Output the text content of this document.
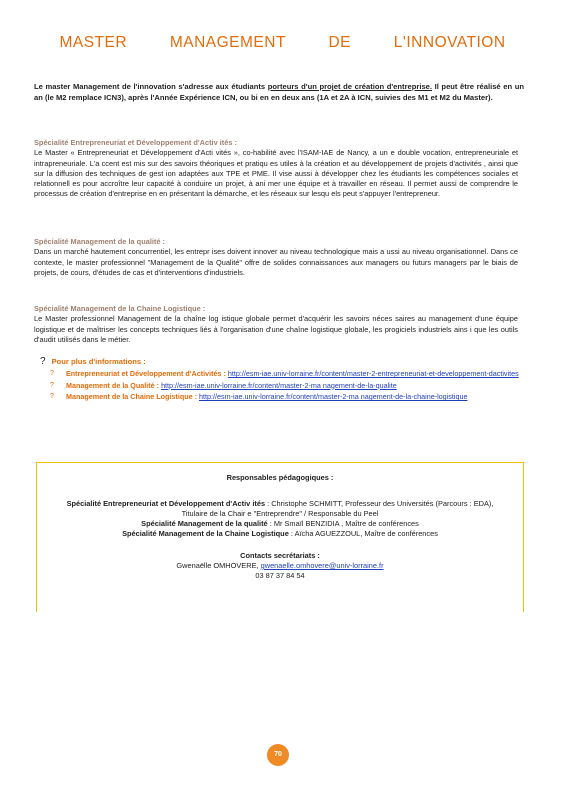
MASTER MANAGEMENT DE L'INNOVATION
Le master Management de l'innovation s'adresse aux étudiants porteurs d'un projet de création d'entreprise. Il peut être réalisé en un an (le M2 remplace ICN3), après l'Année Expérience ICN, ou bi en en deux ans (1A et 2A à ICN, suivies des M1 et M2 du Master).
Spécialité Entrepreneuriat et Développement d'Activ ités :
Le Master « Entrepreneuriat et Développement d'Acti vités », co-habilité avec l'ISAM-IAE de Nancy, a un e double vocation, entrepreneuriale et intrapreneuriale. L'a ccent est mis sur des savoirs théoriques et pratiqu es utiles à la création et au développement de projets d'activités , ainsi que sur la diffusion des techniques de gest ion adaptées aux TPE et PME. Il vise aussi à développer chez les étudiants les compétences sociales et relationnell es pour accroître leur capacité à conduire un projet, à ani mer une équipe et à travailler en réseau. Il permet aussi de comprendre le processus de création d'entreprise en en présentant la démarche, et les réseaux sur lesqu els peut s'appuyer l'entrepreneur.
Spécialité Management de la qualité :
Dans un marché hautement concurrentiel, les entrepr ises doivent innover au niveau technologique mais a ussi au niveau organisationnel. Dans ce contexte, le master professionnel "Management de la Qualité" offre de solides connaissances aux managers ou futurs managers par le biais de projets, de cours, d'études de cas et d'interventions d'industriels.
Spécialité Management de la Chaine Logistique :
Le Master professionnel Management de la chaîne log istique globale permet d'acquérir les savoirs néces saires au management d'une équipe logistique et de maîtriser les concepts techniques liés à l'organisation d'une chaîne logistique globale, les progiciels industriels ains i que les outils d'audit utilisés dans le métier.
? Pour plus d'informations :
? Entrepreneuriat et Développement d'Activités : http://esm-iae.univ-lorraine.fr/content/master-2-entrepreneuriat-et-developpement-dactivites
? Management de la Qualité : http://esm-iae.univ-lorraine.fr/content/master-2-ma nagement-de-la-qualite
? Management de la Chaine Logistique : http://esm-iae.univ-lorraine.fr/content/master-2-ma nagement-de-la-chaine-logistique
Responsables pédagogiques :
Spécialité Entrepreneuriat et Développement d'Activ ités : Christophe SCHMITT, Professeur des Universités (Parcours : EDA), Titulaire de la Chair e "Entreprendre" / Responsable du Peel
Spécialité Management de la qualité : Mr Smaïl BENZIDIA , Maître de conférences
Spécialité Management de la Chaine Logistique : Aïcha AGUEZZOUL, Maître de conférences
Contacts secrétariats :
Gwenaëlle OMHOVERE, gwenaelle.omhovere@univ-lorraine.fr
03 87 37 84 54
70
